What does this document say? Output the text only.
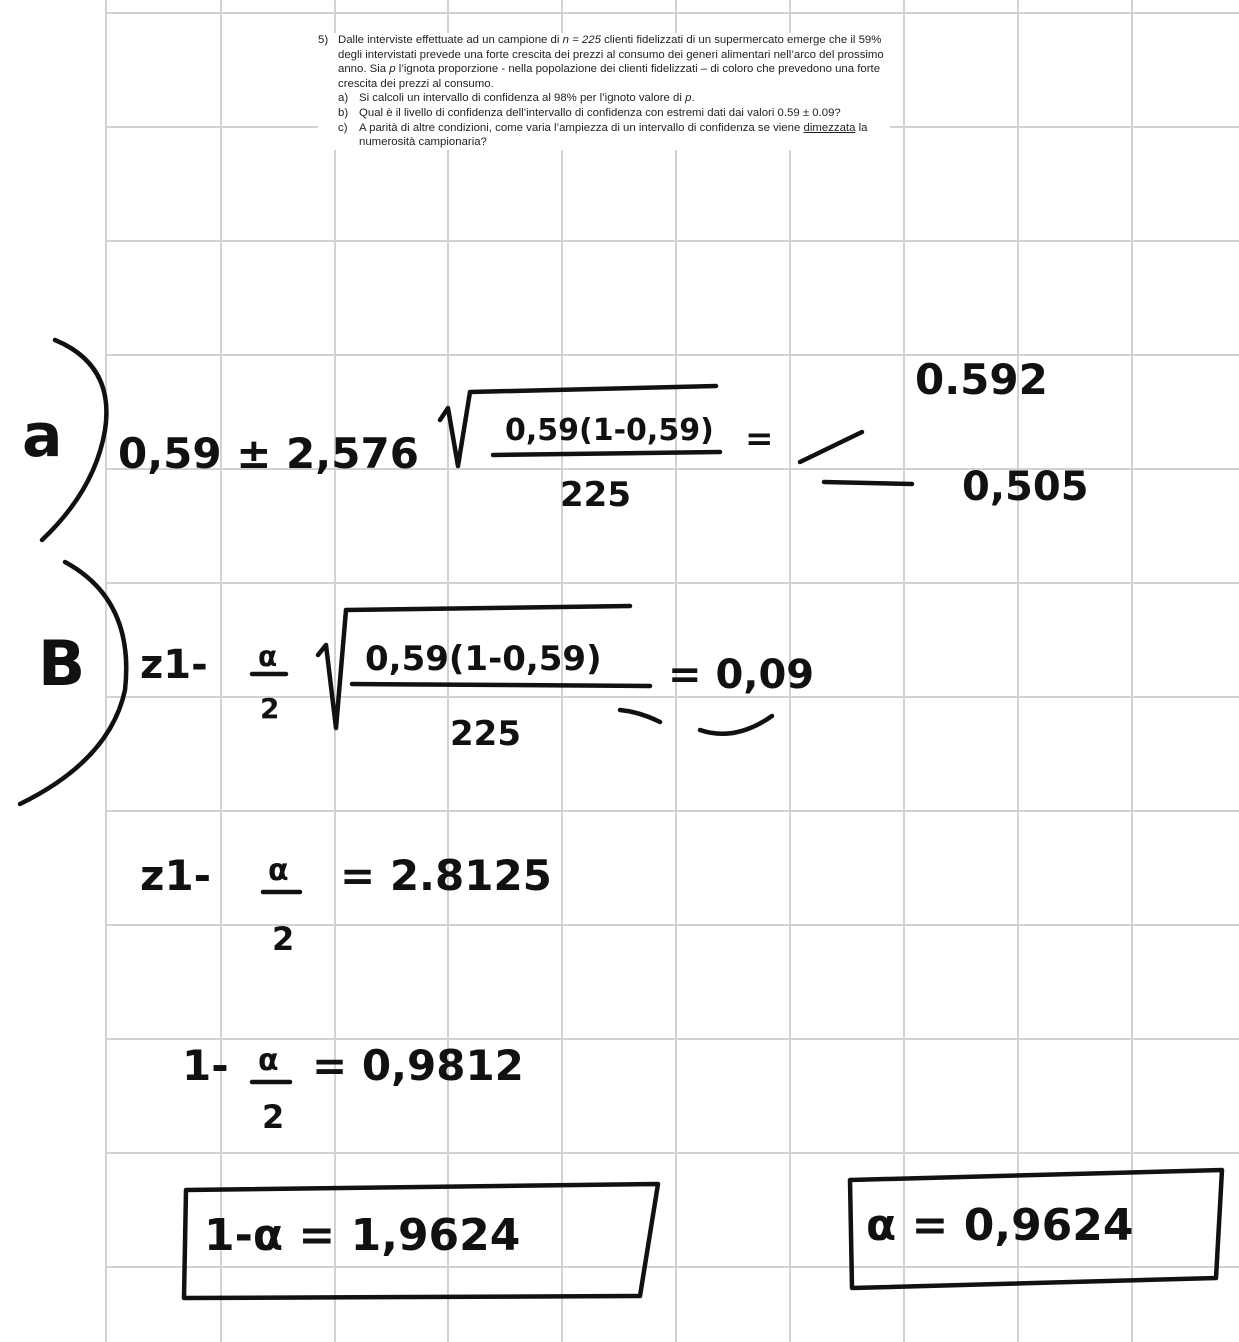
5) Dalle interviste effettuate ad un campione di n = 225 clienti fidelizzati di un supermercato emerge che il 59% degli intervistati prevede una forte crescita dei prezzi al consumo dei generi alimentari nell’arco del prossimo anno. Sia p l’ignota proporzione - nella popolazione dei clienti fidelizzati – di coloro che prevedono una forte crescita dei prezzi al consumo.
a) Si calcoli un intervallo di confidenza al 98% per l’ignoto valore di p.
b) Qual è il livello di confidenza dell’intervallo di confidenza con estremi dati dai valori 0.59 ± 0.09?
c)	A parità di altre condizioni, come varia l’ampiezza di un intervallo di confidenza se viene dimezzata la numerosità campionaria?
a 0,59 ± 2,576	0,59(1-0,59)
225
=
0.592
0,505
B z1- α
2
0,59(1-0,59)
225
= 0,09
z1- α
2
= 2.8125
1- α
2
= 0,9812
1-α = 1,9624	α = 0,9624
